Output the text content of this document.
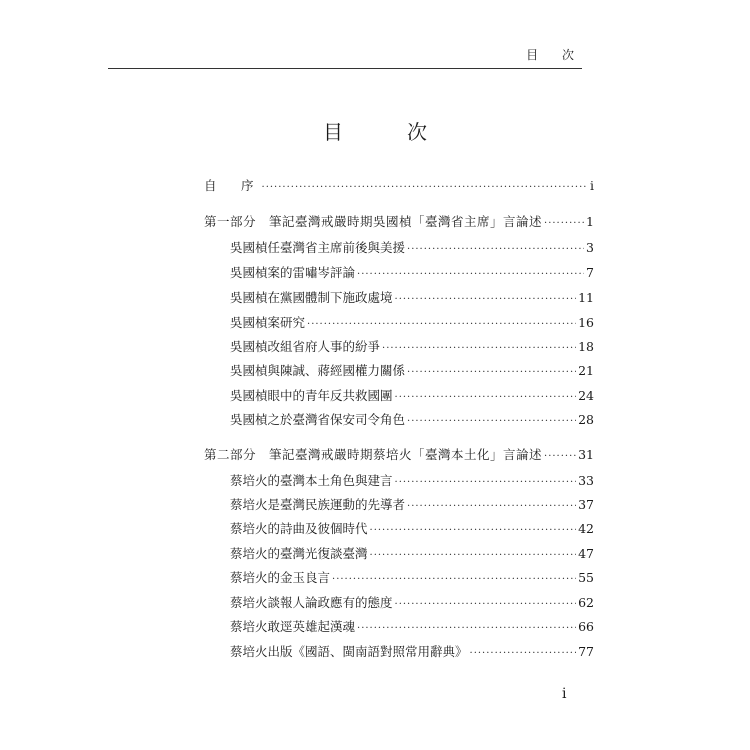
目 次
目　次
自　序 ·····	i
第一部分　筆記臺灣戒嚴時期吳國楨「臺灣省主席」言論述 ·····	1
吳國楨任臺灣省主席前後與美援 ·····	3
吳國楨案的雷嘯岑評論 ·····	7
吳國楨在黨國體制下施政處境 ·····	11
吳國楨案研究 ·····	16
吳國楨改組省府人事的紛爭 ·····	18
吳國楨與陳誠、蔣經國權力關係 ·····	21
吳國楨眼中的青年反共救國團 ·····	24
吳國楨之於臺灣省保安司令角色 ·····	28
第二部分　筆記臺灣戒嚴時期蔡培火「臺灣本土化」言論述 ·····	31
蔡培火的臺灣本土角色與建言 ·····	33
蔡培火是臺灣民族運動的先導者 ·····	37
蔡培火的詩曲及彼個時代 ·····	42
蔡培火的臺灣光復談臺灣 ·····	47
蔡培火的金玉良言 ·····	55
蔡培火談報人論政應有的態度 ·····	62
蔡培火敢逕英雄起漢魂 ·····	66
蔡培火出版《國語、閩南語對照常用辭典》 ·····	77
i
